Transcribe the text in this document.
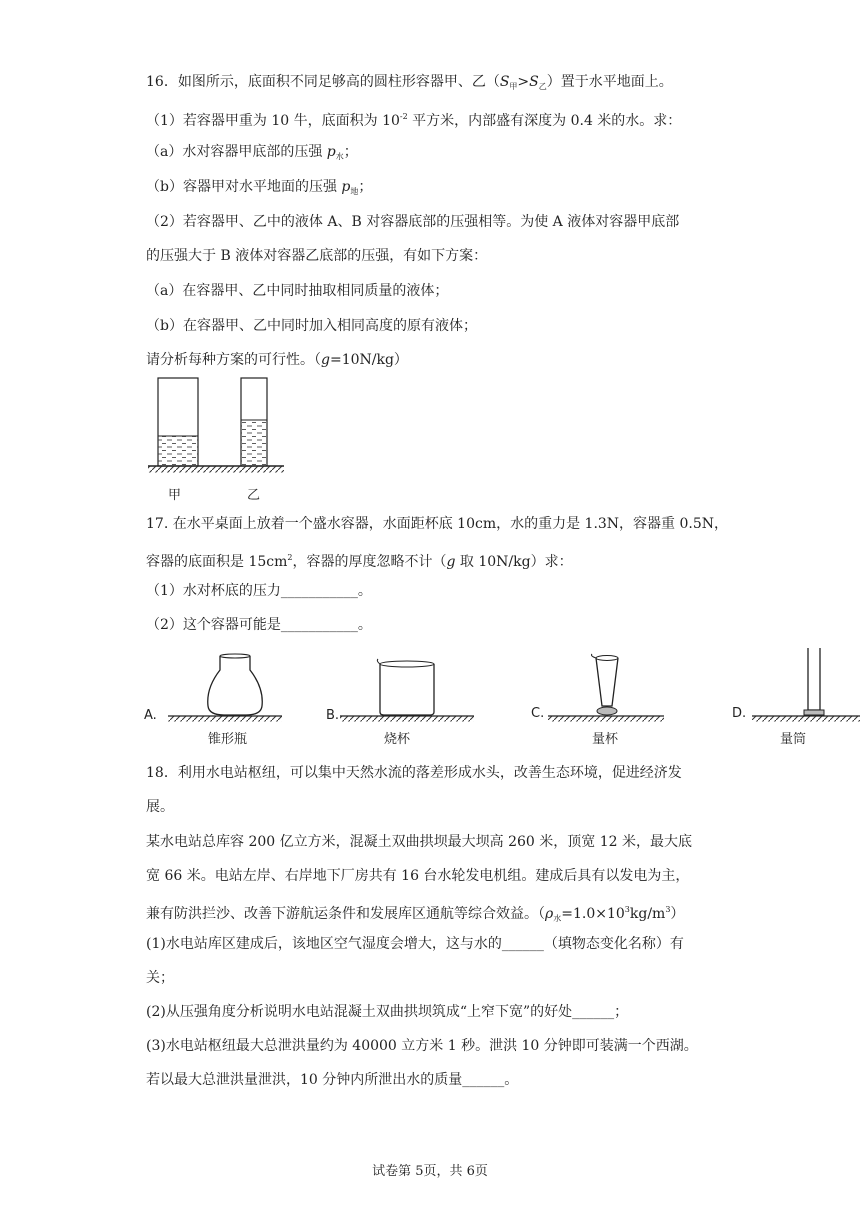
16．如图所示，底面积不同足够高的圆柱形容器甲、乙$(S_甲>S_乙)$置于水平地面上。
（1）若容器甲重为 10 牛，底面积为 $10^{-2}$ 平方米，内部盛有深度为 0.4 米的水。求：
（a）水对容器甲底部的压强 $p_水$；
（b）容器甲对水平地面的压强 $p_地$；
（2）若容器甲、乙中的液体 A、B 对容器底部的压强相等。为使 A 液体对容器甲底部
的压强大于 B 液体对容器乙底部的压强，有如下方案：
（a）在容器甲、乙中同时抽取相同质量的液体；
（b）在容器甲、乙中同时加入相同高度的原有液体；
请分析每种方案的可行性。（g=10N/kg）
甲	乙
17. 在水平桌面上放着一个盛水容器，水面距杯底 10cm，水的重力是 1.3N，容器重 0.5N，
容器的底面积是 $15cm^2$，容器的厚度忽略不计（g 取 10N/kg）求：
（1）水对杯底的压力___________。
（2）这个容器可能是___________。
A.
锥形瓶
B.
烧杯
C.
量杯
D.
量筒
18．利用水电站枢纽，可以集中天然水流的落差形成水头，改善生态环境，促进经济发
展。
某水电站总库容 200 亿立方米，混凝土双曲拱坝最大坝高 260 米，顶宽 12 米，最大底
宽 66 米。电站左岸、右岸地下厂房共有 16 台水轮发电机组。建成后具有以发电为主，
兼有防洪拦沙、改善下游航运条件和发展库区通航等综合效益。$(\rho_水=1.0\times 10^3kg/m^3)$
(1)水电站库区建成后，该地区空气湿度会增大，这与水的______（填物态变化名称）有
关；
(2)从压强角度分析说明水电站混凝土双曲拱坝筑成“上窄下宽”的好处______；
(3)水电站枢纽最大总泄洪量约为 40000 立方米 1 秒。泄洪 10 分钟即可装满一个西湖。
若以最大总泄洪量泄洪，10 分钟内所泄出水的质量______。
试卷第 5页，共 6页
